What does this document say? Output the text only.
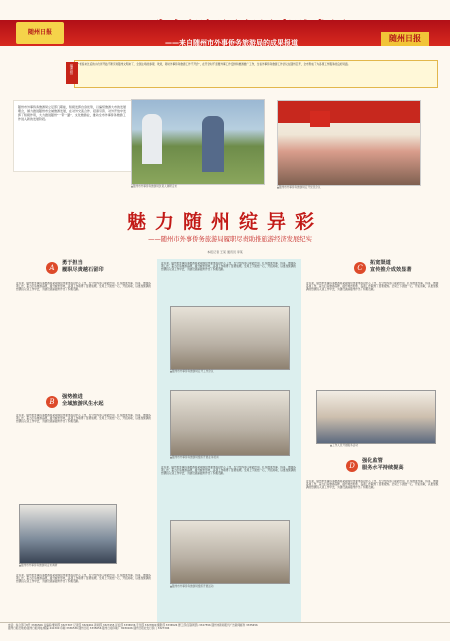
随州日报
——来自随州市外事侨务旅游局的成果报道	随州日报
"老客来过后的小伙伴开始不断引进随州文明来了，全国主场的参观、欢迎，同时外事侨务旅游工作不开会"，在开会时不需要外事工作安排和旅游推广工作，全省外事侨务旅游工作会议在随州召开，全市形成了为各项工作服务的良好局面。
编者按
随州市外事侨务旅游局立足部门职能，积极发挥自身优势，以编织旅游大市的发展理念，倾力推进随州市全域旅游发展，在对外交流合作、招商引资、对外开放中发挥了积极作用，大力推进随州"一带一路"、文化旅游业，推动全市外事侨务旅游工作进入新的发展阶段。
▲随州市外事侨务旅游局负责人调研走访	▲随州市外事侨务旅游局召开党员会议
魅力随州绽异彩
——随州市外事侨务旅游局履职尽责助推旅游经济发展纪实
本报记者 王某 通讯员 李某
A
勇于担当
履职尽责越石留印
近年来，随州市外事侨务旅游局紧紧围绕市委市政府中心工作，充分发挥部门职能作用，扎实推进外事、侨务、旅游各项工作，着力打造旅游品牌，提升城市形象，各项工作取得了显著成效。全局上下团结一心，开拓进取，以更加饱满的热情投入到工作中去，为建设美丽随州作出了积极贡献。
B
强势推进
全域旅游风生水起
近年来，随州市外事侨务旅游局紧紧围绕市委市政府中心工作，充分发挥部门职能作用，扎实推进外事、侨务、旅游各项工作，着力打造旅游品牌，提升城市形象，各项工作取得了显著成效。全局上下团结一心，开拓进取，以更加饱满的热情投入到工作中去，为建设美丽随州作出了积极贡献。
▲随州市外事侨务旅游局走访调研
近年来，随州市外事侨务旅游局紧紧围绕市委市政府中心工作，充分发挥部门职能作用，扎实推进外事、侨务、旅游各项工作，着力打造旅游品牌，提升城市形象，各项工作取得了显著成效。全局上下团结一心，开拓进取，以更加饱满的热情投入到工作中去，为建设美丽随州作出了积极贡献。
近年来，随州市外事侨务旅游局紧紧围绕市委市政府中心工作，充分发挥部门职能作用，扎实推进外事、侨务、旅游各项工作，着力打造旅游品牌，提升城市形象，各项工作取得了显著成效。全局上下团结一心，开拓进取，以更加饱满的热情投入到工作中去，为建设美丽随州作出了积极贡献。
▲随州市外事侨务旅游局召开工作会议
▲随州市外事侨务旅游局组织开展业务培训
近年来，随州市外事侨务旅游局紧紧围绕市委市政府中心工作，充分发挥部门职能作用，扎实推进外事、侨务、旅游各项工作，着力打造旅游品牌，提升城市形象，各项工作取得了显著成效。全局上下团结一心，开拓进取，以更加饱满的热情投入到工作中去，为建设美丽随州作出了积极贡献。
▲随州市外事侨务旅游局组织开展活动
C
拓宽渠道
宣传推介成效显著
近年来，随州市外事侨务旅游局紧紧围绕市委市政府中心工作，充分发挥部门职能作用，扎实推进外事、侨务、旅游各项工作，着力打造旅游品牌，提升城市形象，各项工作取得了显著成效。全局上下团结一心，开拓进取，以更加饱满的热情投入到工作中去，为建设美丽随州作出了积极贡献。
▲工作人员开展服务活动
D
强化监管
服务水平持续提高
近年来，随州市外事侨务旅游局紧紧围绕市委市政府中心工作，充分发挥部门职能作用，扎实推进外事、侨务、旅游各项工作，着力打造旅游品牌，提升城市形象，各项工作取得了显著成效。全局上下团结一心，开拓进取，以更加饱满的热情投入到工作中去，为建设美丽随州作出了积极贡献。
电话：综合部门8号 3336506 总编室/要闻部 3327307 记者部 3329461 新闻部 3327455 评论部 3336536 专刊部 3327800 摄影部 3336526 群工部(互联网部) 3327556 随州市新闻报刊广告新闻邮件 3335656
随州日报社地址/随州日报网址/邮编 441300 印刷 3336536 随州日报 3335656 随州日报印刷厂 8030106 随州日报社发行部门 3327306
